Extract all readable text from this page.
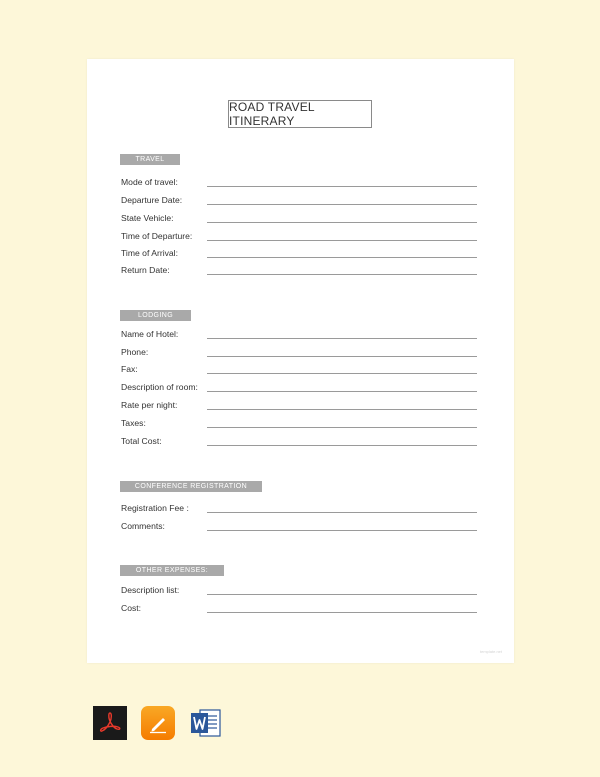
ROAD TRAVEL ITINERARY
TRAVEL
Mode of travel:
Departure Date:
State Vehicle:
Time of Departure:
Time of Arrival:
Return Date:
LODGING
Name of Hotel:
Phone:
Fax:
Description of room:
Rate per night:
Taxes:
Total Cost:
CONFERENCE REGISTRATION
Registration Fee :
Comments:
OTHER EXPENSES:
Description list:
Cost:
template.net
